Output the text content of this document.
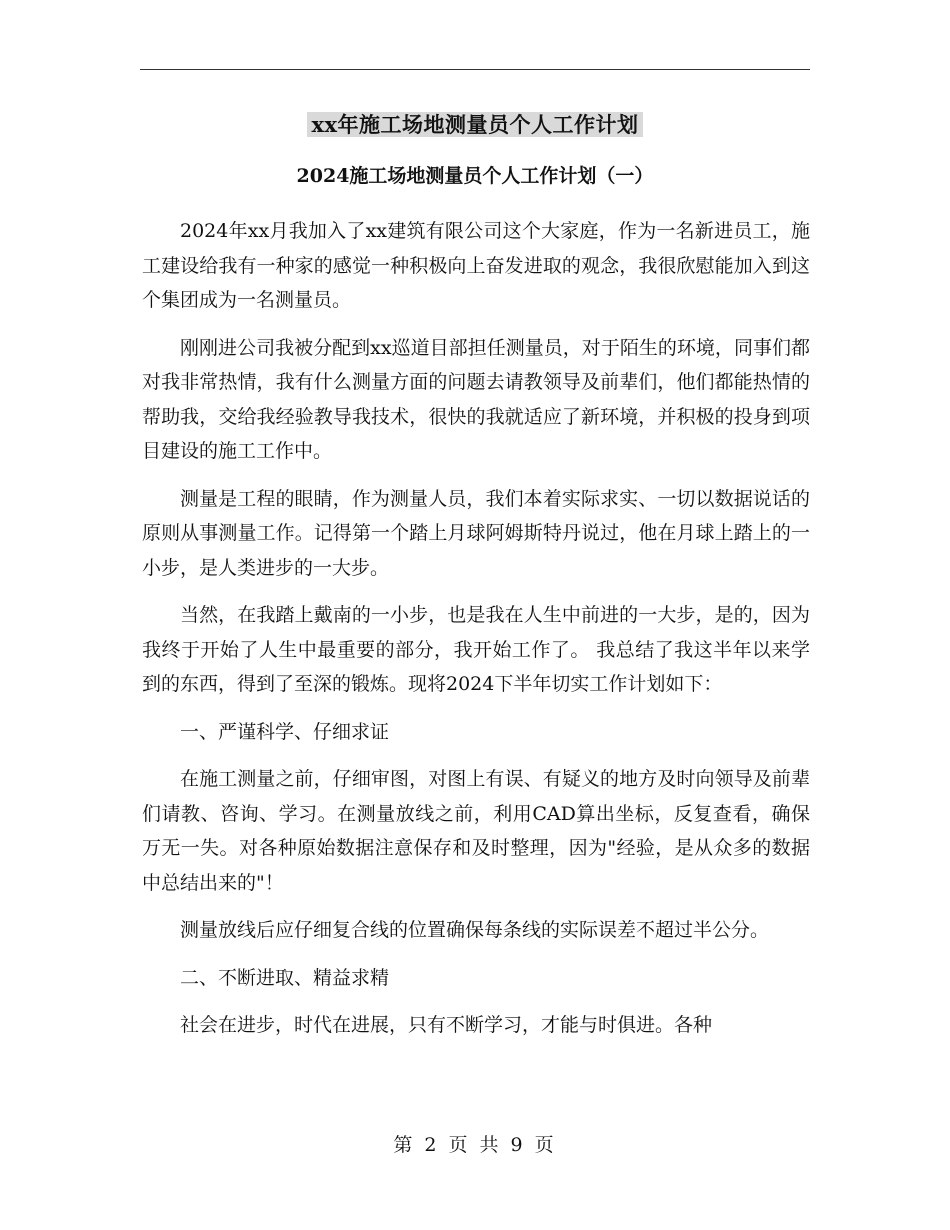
xx年施工场地测量员个人工作计划
2024施工场地测量员个人工作计划（一）

2024年xx月我加入了xx建筑有限公司这个大家庭，作为一名新进员工，施工建设给我有一种家的感觉一种积极向上奋发进取的观念，我很欣慰能加入到这个集团成为一名测量员。

刚刚进公司我被分配到xx巡道目部担任测量员，对于陌生的环境，同事们都对我非常热情，我有什么测量方面的问题去请教领导及前辈们，他们都能热情的帮助我，交给我经验教导我技术，很快的我就适应了新环境，并积极的投身到项目建设的施工工作中。

测量是工程的眼睛，作为测量人员，我们本着实际求实、一切以数据说话的原则从事测量工作。记得第一个踏上月球阿姆斯特丹说过，他在月球上踏上的一小步，是人类进步的一大步。

当然，在我踏上戴南的一小步，也是我在人生中前进的一大步，是的，因为我终于开始了人生中最重要的部分，我开始工作了。 我总结了我这半年以来学到的东西，得到了至深的锻炼。现将2024下半年切实工作计划如下：

一、严谨科学、仔细求证

在施工测量之前，仔细审图，对图上有误、有疑义的地方及时向领导及前辈们请教、咨询、学习。在测量放线之前，利用CAD算出坐标，反复查看，确保万无一失。对各种原始数据注意保存和及时整理，因为"经验，是从众多的数据中总结出来的"！

测量放线后应仔细复合线的位置确保每条线的实际误差不超过半公分。

二、不断进取、精益求精

社会在进步，时代在进展，只有不断学习，才能与时俱进。各种

第 2 页 共 9 页
